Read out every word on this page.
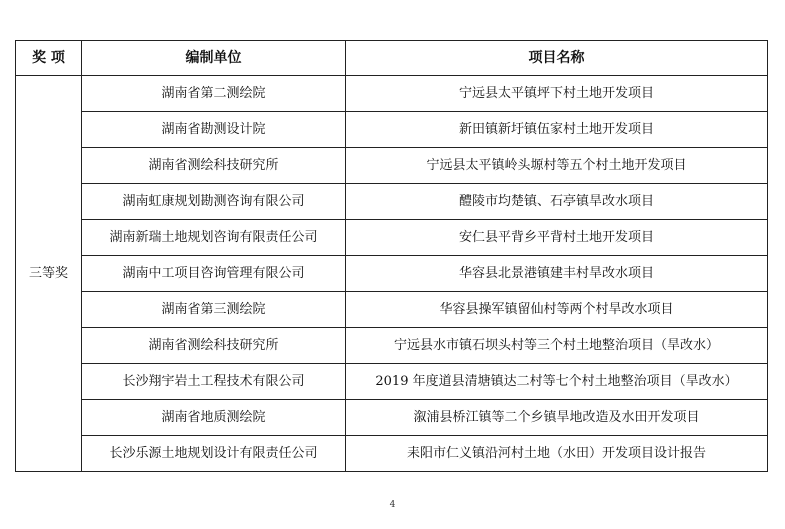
奖 项	编制单位	项目名称
三等奖	湖南省第二测绘院	宁远县太平镇坪下村土地开发项目
	湖南省勘测设计院	新田镇新圩镇伍家村土地开发项目
	湖南省测绘科技研究所	宁远县太平镇岭头塬村等五个村土地开发项目
	湖南虹康规划勘测咨询有限公司	醴陵市均楚镇、石亭镇旱改水项目
	湖南新瑞土地规划咨询有限责任公司	安仁县平背乡平背村土地开发项目
	湖南中工项目咨询管理有限公司	华容县北景港镇建丰村旱改水项目
	湖南省第三测绘院	华容县操军镇留仙村等两个村旱改水项目
	湖南省测绘科技研究所	宁远县水市镇石坝头村等三个村土地整治项目（旱改水）
	长沙翔宇岩土工程技术有限公司	2019 年度道县清塘镇达二村等七个村土地整治项目（旱改水）
	湖南省地质测绘院	溆浦县桥江镇等二个乡镇旱地改造及水田开发项目
	长沙乐源土地规划设计有限责任公司	耒阳市仁义镇沿河村土地（水田）开发项目设计报告
4
